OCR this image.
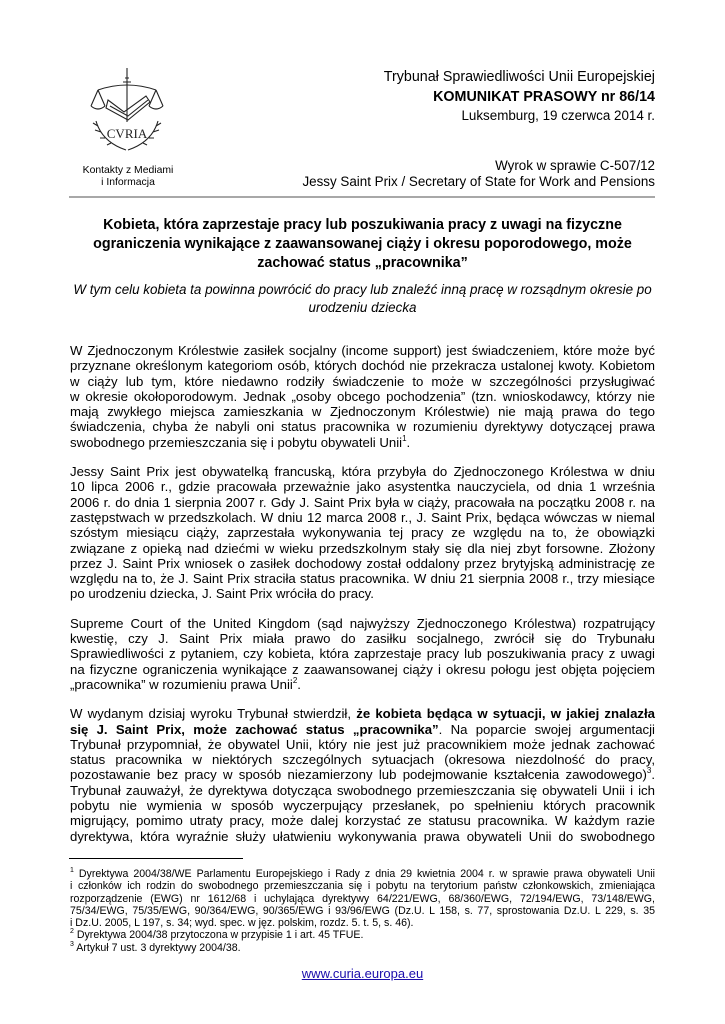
CVRIA
Kontakty z Mediami
i Informacja
Trybunał Sprawiedliwości Unii Europejskiej
KOMUNIKAT PRASOWY nr 86/14
Luksemburg, 19 czerwca 2014 r.
Wyrok w sprawie C-507/12
Jessy Saint Prix / Secretary of State for Work and Pensions
Kobieta, która zaprzestaje pracy lub poszukiwania pracy z uwagi na fizyczne
ograniczenia wynikające z zaawansowanej ciąży i okresu poporodowego, może
zachować status „pracownika”
W tym celu kobieta ta powinna powrócić do pracy lub znaleźć inną pracę w rozsądnym okresie po
urodzeniu dziecka
W Zjednoczonym Królestwie zasiłek socjalny (income support) jest świadczeniem, które może być
przyznane określonym kategoriom osób, których dochód nie przekracza ustalonej kwoty. Kobietom
w ciąży lub tym, które niedawno rodziły świadczenie to może w szczególności przysługiwać
w okresie okołoporodowym. Jednak „osoby obcego pochodzenia” (tzn. wnioskodawcy, którzy nie
mają zwykłego miejsca zamieszkania w Zjednoczonym Królestwie) nie mają prawa do tego
świadczenia, chyba że nabyli oni status pracownika w rozumieniu dyrektywy dotyczącej prawa
swobodnego przemieszczania się i pobytu obywateli Unii$^1$.
Jessy Saint Prix jest obywatelką francuską, która przybyła do Zjednoczonego Królestwa w dniu
10 lipca 2006 r., gdzie pracowała przeważnie jako asystentka nauczyciela, od dnia 1 września
2006 r. do dnia 1 sierpnia 2007 r. Gdy J. Saint Prix była w ciąży, pracowała na początku 2008 r. na
zastępstwach w przedszkolach. W dniu 12 marca 2008 r., J. Saint Prix, będąca wówczas w niemal
szóstym miesiącu ciąży, zaprzestała wykonywania tej pracy ze względu na to, że obowiązki
związane z opieką nad dziećmi w wieku przedszkolnym stały się dla niej zbyt forsowne. Złożony
przez J. Saint Prix wniosek o zasiłek dochodowy został oddalony przez brytyjską administrację ze
względu na to, że J. Saint Prix straciła status pracownika. W dniu 21 sierpnia 2008 r., trzy miesiące
po urodzeniu dziecka, J. Saint Prix wróciła do pracy.
Supreme Court of the United Kingdom (sąd najwyższy Zjednoczonego Królestwa) rozpatrujący
kwestię, czy J. Saint Prix miała prawo do zasiłku socjalnego, zwrócił się do Trybunału
Sprawiedliwości z pytaniem, czy kobieta, która zaprzestaje pracy lub poszukiwania pracy z uwagi
na fizyczne ograniczenia wynikające z zaawansowanej ciąży i okresu połogu jest objęta pojęciem
„pracownika” w rozumieniu prawa Unii$^2$.
W wydanym dzisiaj wyroku Trybunał stwierdził, że kobieta będąca w sytuacji, w jakiej znalazła
się J. Saint Prix, może zachować status „pracownika”. Na poparcie swojej argumentacji
Trybunał przypomniał, że obywatel Unii, który nie jest już pracownikiem może jednak zachować
status pracownika w niektórych szczególnych sytuacjach (okresowa niezdolność do pracy,
pozostawanie bez pracy w sposób niezamierzony lub podejmowanie kształcenia zawodowego)$^3$.
Trybunał zauważył, że dyrektywa dotycząca swobodnego przemieszczania się obywateli Unii i ich
pobytu nie wymienia w sposób wyczerpujący przesłanek, po spełnieniu których pracownik
migrujący, pomimo utraty pracy, może dalej korzystać ze statusu pracownika. W każdym razie
dyrektywa, która wyraźnie służy ułatwieniu wykonywania prawa obywateli Unii do swobodnego
$^1$ Dyrektywa 2004/38/WE Parlamentu Europejskiego i Rady z dnia 29 kwietnia 2004 r. w sprawie prawa obywateli Unii
i członków ich rodzin do swobodnego przemieszczania się i pobytu na terytorium państw członkowskich, zmieniająca
rozporządzenie (EWG) nr 1612/68 i uchylająca dyrektywy 64/221/EWG, 68/360/EWG, 72/194/EWG, 73/148/EWG,
75/34/EWG, 75/35/EWG, 90/364/EWG, 90/365/EWG i 93/96/EWG (Dz.U. L 158, s. 77, sprostowania Dz.U. L 229, s. 35
i Dz.U. 2005, L 197, s. 34; wyd. spec. w jęz. polskim, rozdz. 5. t. 5, s. 46).
$^2$ Dyrektywa 2004/38 przytoczona w przypisie 1 i art. 45 TFUE.
$^3$ Artykuł 7 ust. 3 dyrektywy 2004/38.
www.curia.europa.eu
